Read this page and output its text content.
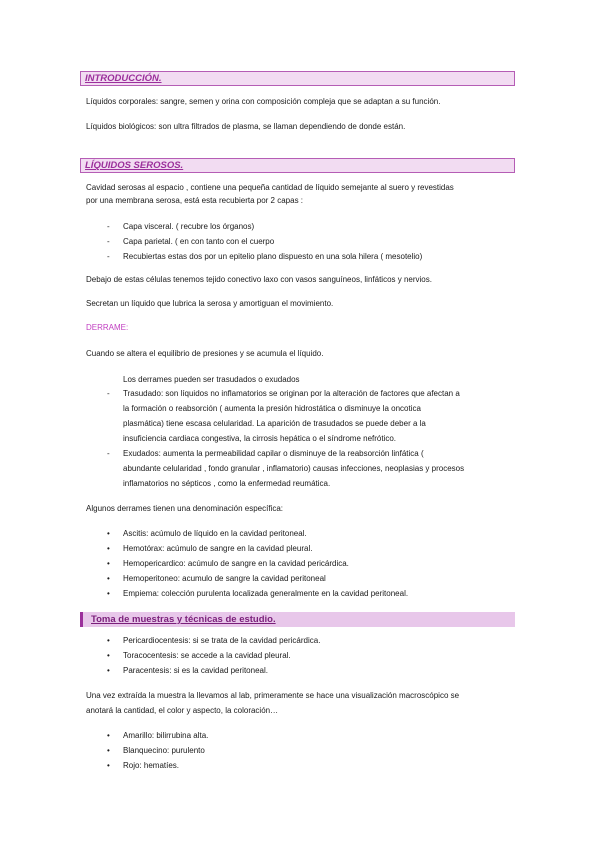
INTRODUCCIÓN.
Líquidos corporales: sangre, semen y orina con composición compleja que se adaptan a su función.
Líquidos biológicos: son ultra filtrados de plasma, se llaman dependiendo de donde están.
LÍQUIDOS SEROSOS.
Cavidad serosas al espacio , contiene una pequeña cantidad de líquido semejante al suero y revestidas
por una membrana serosa, está esta recubierta por 2 capas :
- Capa visceral. ( recubre los órganos)
- Capa parietal. ( en con tanto con el cuerpo
- Recubiertas estas dos por un epitelio plano dispuesto en una sola hilera ( mesotelio)
Debajo de estas células tenemos tejido conectivo laxo con vasos sanguíneos, linfáticos y nervios.
Secretan un líquido que lubrica la serosa y amortiguan el movimiento.
DERRAME:
Cuando se altera el equilibrio de presiones y se acumula el líquido.
Los derrames pueden ser trasudados o exudados
- Trasudado: son líquidos no inflamatorios se originan por la alteración de factores que afectan a
la formación o reabsorción ( aumenta la presión hidrostática o disminuye la oncotica
plasmática) tiene escasa celularidad. La aparición de trasudados se puede deber a la
insuficiencia cardiaca congestiva, la cirrosis hepática o el síndrome nefrótico.
- Exudados: aumenta la permeabilidad capilar o disminuye de la reabsorción linfática (
abundante celularidad , fondo granular , inflamatorio) causas infecciones, neoplasias y procesos
inflamatorios no sépticos , como la enfermedad reumática.
Algunos derrames tienen una denominación específica:
• Ascitis: acúmulo de líquido en la cavidad peritoneal.
• Hemotórax: acúmulo de sangre en la cavidad pleural.
• Hemopericardico: acúmulo de sangre en la cavidad pericárdica.
• Hemoperitoneo: acumulo de sangre la cavidad peritoneal
• Empiema: colección purulenta localizada generalmente en la cavidad peritoneal.
Toma de muestras y técnicas de estudio.
• Pericardiocentesis: si se trata de la cavidad pericárdica.
• Toracocentesis: se accede a la cavidad pleural.
• Paracentesis: si es la cavidad peritoneal.
Una vez extraída la muestra la llevamos al lab, primeramente se hace una visualización macroscópico se
anotará la cantidad, el color y aspecto, la coloración…
• Amarillo: bilirrubina alta.
• Blanquecino: purulento
• Rojo: hematíes.
